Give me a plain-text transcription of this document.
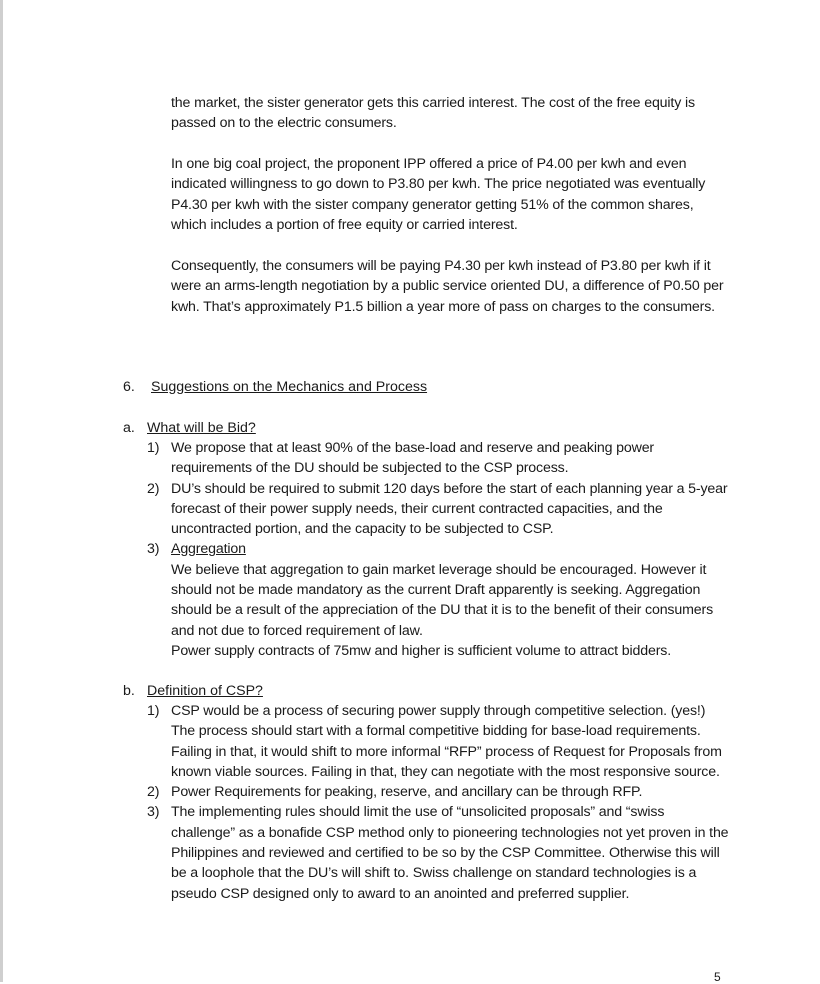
the market, the sister generator gets this carried interest. The cost of the free equity is passed on to the electric consumers.

In one big coal project, the proponent IPP offered a price of P4.00 per kwh and even indicated willingness to go down to P3.80 per kwh. The price negotiated was eventually P4.30 per kwh with the sister company generator getting 51% of the common shares, which includes a portion of free equity or carried interest.

Consequently, the consumers will be paying P4.30 per kwh instead of P3.80 per kwh if it were an arms-length negotiation by a public service oriented DU, a difference of P0.50 per kwh. That’s approximately P1.5 billion a year more of pass on charges to the consumers.

6. Suggestions on the Mechanics and Process
a. What will be Bid?
1) We propose that at least 90% of the base-load and reserve and peaking power requirements of the DU should be subjected to the CSP process.
2) DU’s should be required to submit 120 days before the start of each planning year a 5-year forecast of their power supply needs, their current contracted capacities, and the uncontracted portion, and the capacity to be subjected to CSP.
3) Aggregation
We believe that aggregation to gain market leverage should be encouraged. However it should not be made mandatory as the current Draft apparently is seeking. Aggregation should be a result of the appreciation of the DU that it is to the benefit of their consumers and not due to forced requirement of law.
Power supply contracts of 75mw and higher is sufficient volume to attract bidders.
b. Definition of CSP?
1) CSP would be a process of securing power supply through competitive selection. (yes!) The process should start with a formal competitive bidding for base-load requirements. Failing in that, it would shift to more informal “RFP” process of Request for Proposals from known viable sources. Failing in that, they can negotiate with the most responsive source.
2) Power Requirements for peaking, reserve, and ancillary can be through RFP.
3) The implementing rules should limit the use of “unsolicited proposals” and “swiss challenge” as a bonafide CSP method only to pioneering technologies not yet proven in the Philippines and reviewed and certified to be so by the CSP Committee. Otherwise this will be a loophole that the DU’s will shift to. Swiss challenge on standard technologies is a pseudo CSP designed only to award to an anointed and preferred supplier.
5
